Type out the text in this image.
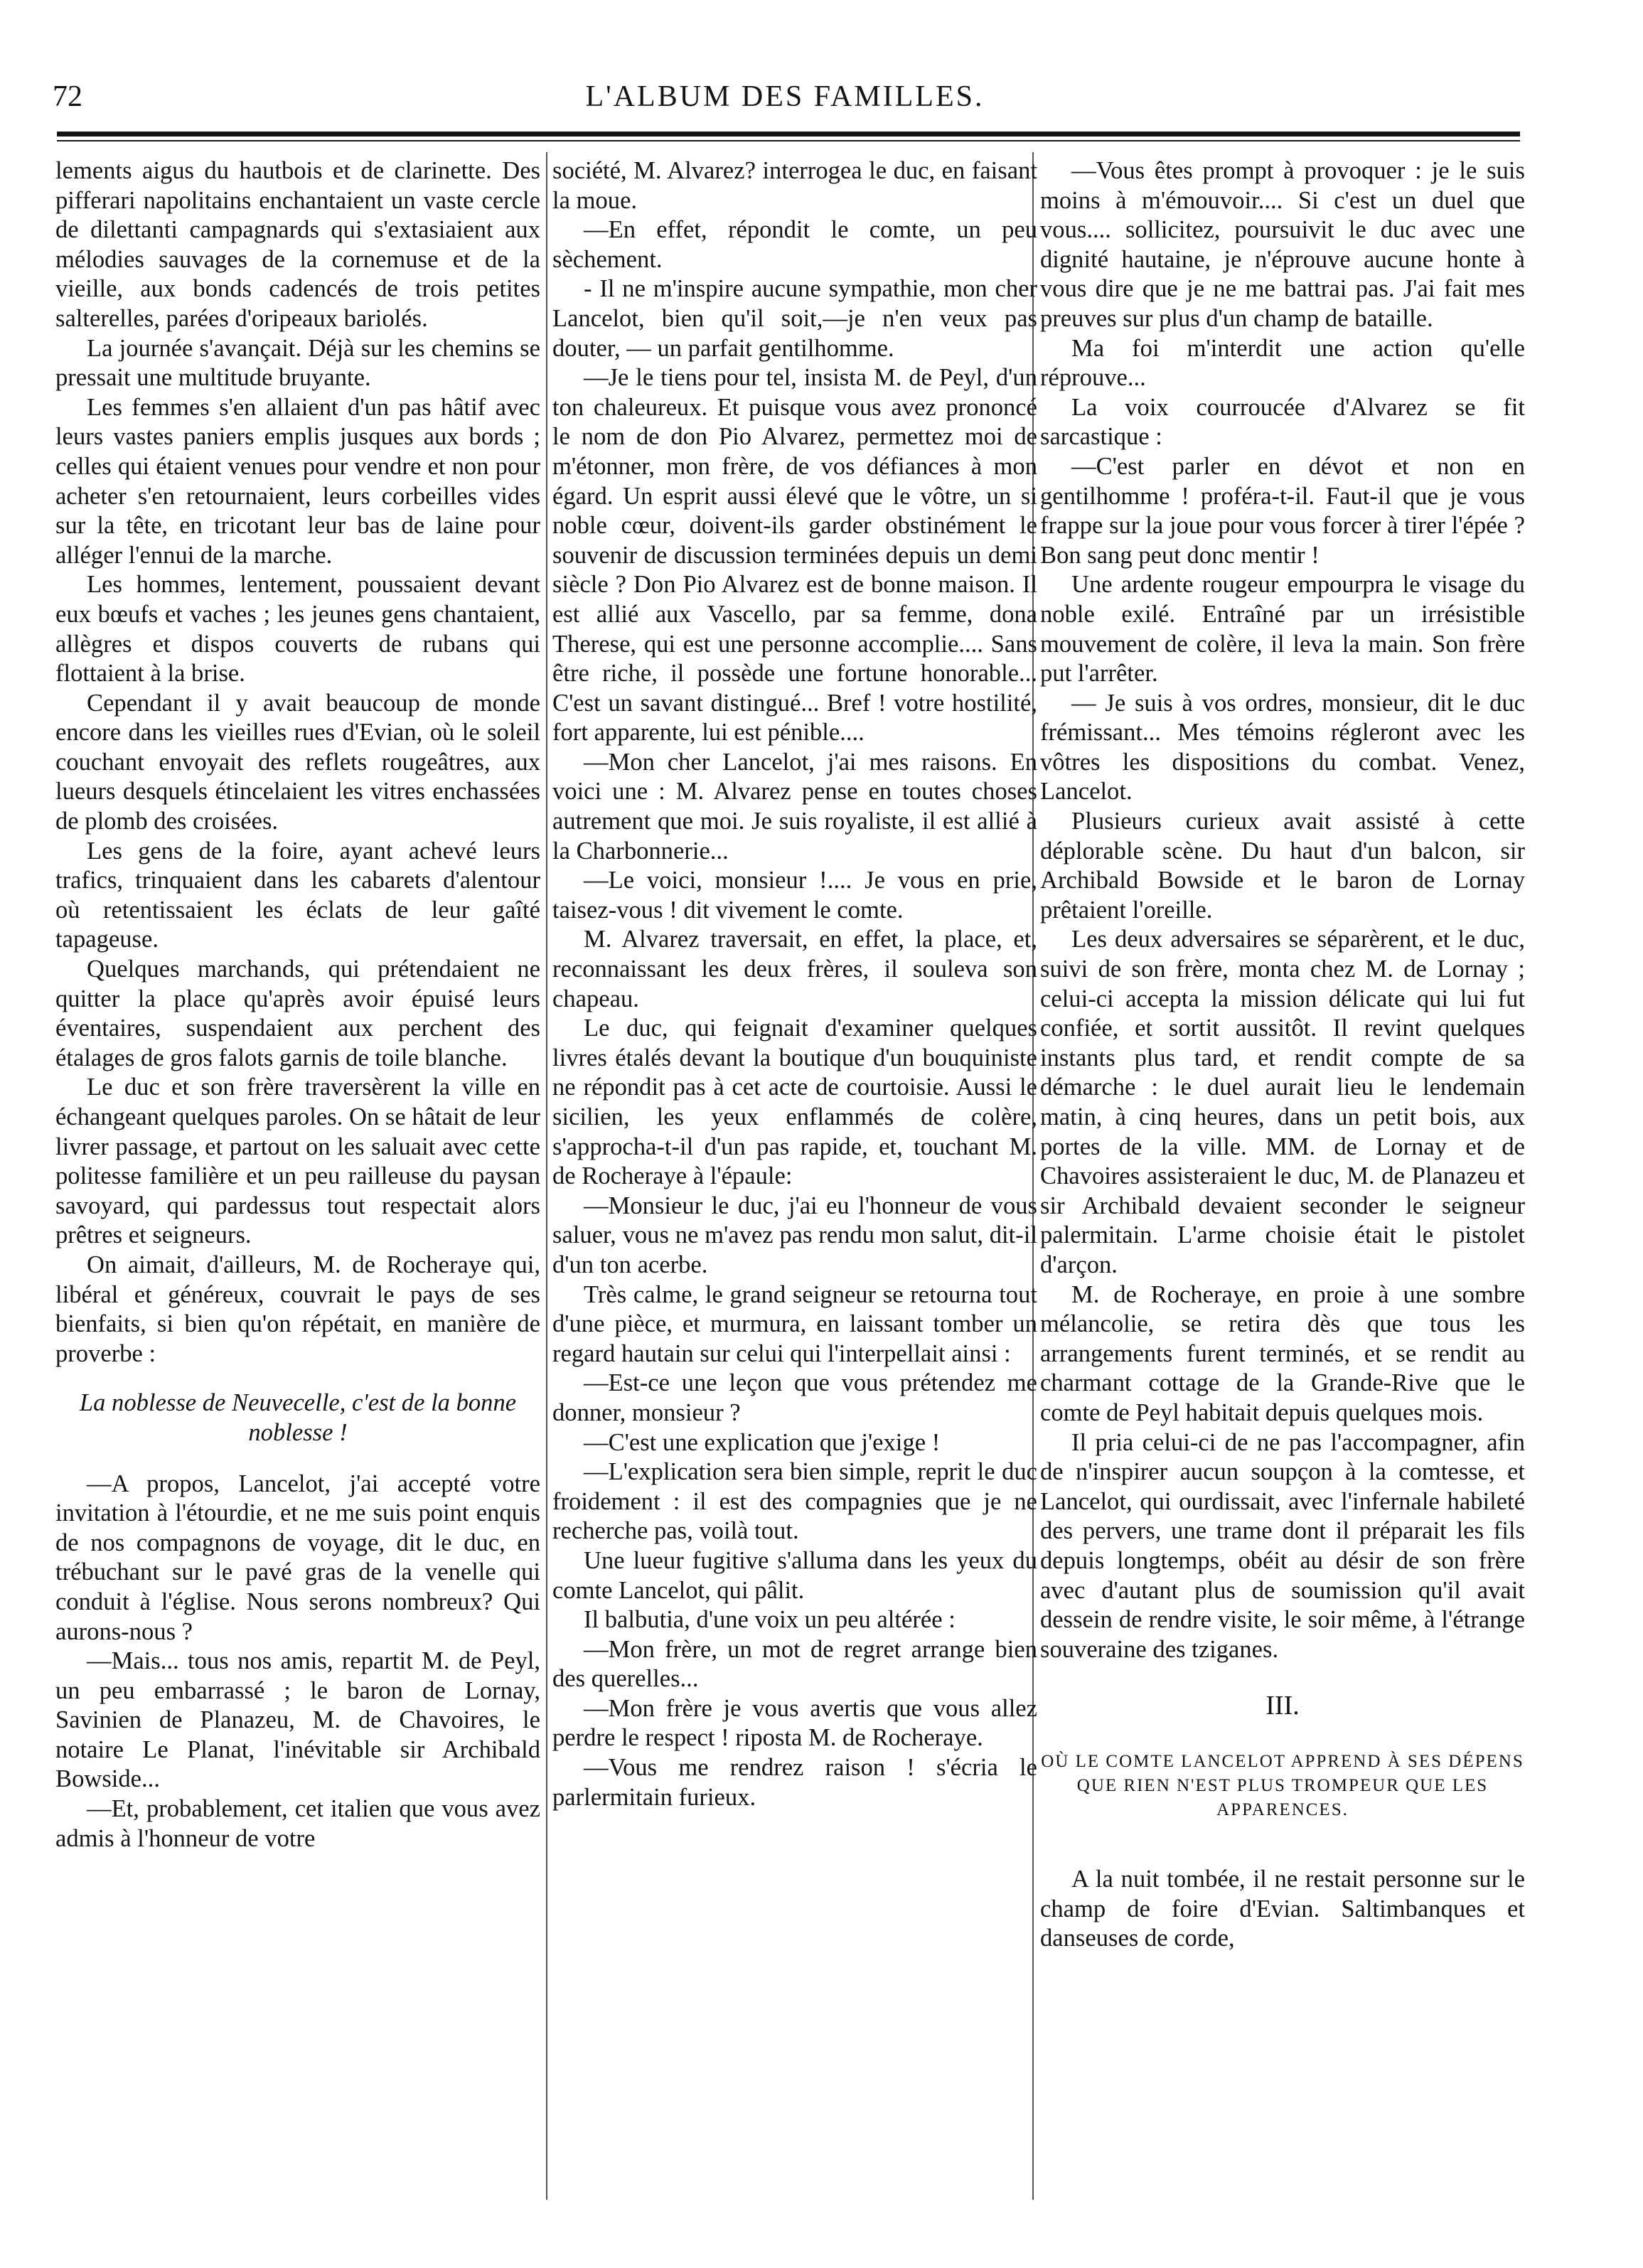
72	L'ALBUM DES FAMILLES.

lements aigus du hautbois et de clarinette. Des pifferari napolitains enchantaient un vaste cercle de dilettanti campagnards qui s'extasiaient aux mélodies sauvages de la cornemuse et de la vieille, aux bonds cadencés de trois petites salterelles, parées d'oripeaux bariolés.

La journée s'avançait. Déjà sur les chemins se pressait une multitude bruyante.

Les femmes s'en allaient d'un pas hâtif avec leurs vastes paniers emplis jusques aux bords ; celles qui étaient venues pour vendre et non pour acheter s'en retournaient, leurs corbeilles vides sur la tête, en tricotant leur bas de laine pour alléger l'ennui de la marche.

Les hommes, lentement, poussaient devant eux bœufs et vaches ; les jeunes gens chantaient, allègres et dispos couverts de rubans qui flottaient à la brise.

Cependant il y avait beaucoup de monde encore dans les vieilles rues d'Evian, où le soleil couchant envoyait des reflets rougeâtres, aux lueurs desquels étincelaient les vitres enchassées de plomb des croisées.

Les gens de la foire, ayant achevé leurs trafics, trinquaient dans les cabarets d'alentour où retentissaient les éclats de leur gaîté tapageuse.

Quelques marchands, qui prétendaient ne quitter la place qu'après avoir épuisé leurs éventaires, suspendaient aux perchent des étalages de gros falots garnis de toile blanche.

Le duc et son frère traversèrent la ville en échangeant quelques paroles. On se hâtait de leur livrer passage, et partout on les saluait avec cette politesse familière et un peu railleuse du paysan savoyard, qui pardessus tout respectait alors prêtres et seigneurs.

On aimait, d'ailleurs, M. de Rocheraye qui, libéral et généreux, couvrait le pays de ses bienfaits, si bien qu'on répétait, en manière de proverbe :

La noblesse de Neuvecelle, c'est de la bonne noblesse !

—A propos, Lancelot, j'ai accepté votre invitation à l'étourdie, et ne me suis point enquis de nos compagnons de voyage, dit le duc, en trébuchant sur le pavé gras de la venelle qui conduit à l'église. Nous serons nombreux? Qui aurons-nous ?

—Mais... tous nos amis, repartit M. de Peyl, un peu embarrassé ; le baron de Lornay, Savinien de Planazeu, M. de Chavoires, le notaire Le Planat, l'inévitable sir Archibald Bowside...

—Et, probablement, cet italien que vous avez admis à l'honneur de votre

société, M. Alvarez? interrogea le duc, en faisant la moue.

—En effet, répondit le comte, un peu sèchement.

- Il ne m'inspire aucune sympathie, mon cher Lancelot, bien qu'il soit,—je n'en veux pas douter, — un parfait gentilhomme.

—Je le tiens pour tel, insista M. de Peyl, d'un ton chaleureux. Et puisque vous avez prononcé le nom de don Pio Alvarez, permettez moi de m'étonner, mon frère, de vos défiances à mon égard. Un esprit aussi élevé que le vôtre, un si noble cœur, doivent-ils garder obstinément le souvenir de discussion terminées depuis un demi siècle ? Don Pio Alvarez est de bonne maison. Il est allié aux Vascello, par sa femme, dona Therese, qui est une personne accomplie.... Sans être riche, il possède une fortune honorable... C'est un savant distingué... Bref ! votre hostilité, fort apparente, lui est pénible....

—Mon cher Lancelot, j'ai mes raisons. En voici une : M. Alvarez pense en toutes choses autrement que moi. Je suis royaliste, il est allié à la Charbonnerie...

—Le voici, monsieur !.... Je vous en prie, taisez-vous ! dit vivement le comte.

M. Alvarez traversait, en effet, la place, et, reconnaissant les deux frères, il souleva son chapeau.

Le duc, qui feignait d'examiner quelques livres étalés devant la boutique d'un bouquiniste ne répondit pas à cet acte de courtoisie. Aussi le sicilien, les yeux enflammés de colère, s'approcha-t-il d'un pas rapide, et, touchant M. de Rocheraye à l'épaule:

—Monsieur le duc, j'ai eu l'honneur de vous saluer, vous ne m'avez pas rendu mon salut, dit-il d'un ton acerbe.

Très calme, le grand seigneur se retourna tout d'une pièce, et murmura, en laissant tomber un regard hautain sur celui qui l'interpellait ainsi :

—Est-ce une leçon que vous prétendez me donner, monsieur ?

—C'est une explication que j'exige !

—L'explication sera bien simple, reprit le duc froidement : il est des compagnies que je ne recherche pas, voilà tout.

Une lueur fugitive s'alluma dans les yeux du comte Lancelot, qui pâlit.

Il balbutia, d'une voix un peu altérée :

—Mon frère, un mot de regret arrange bien des querelles...

—Mon frère je vous avertis que vous allez perdre le respect ! riposta M. de Rocheraye.

—Vous me rendrez raison ! s'écria le parlermitain furieux.

—Vous êtes prompt à provoquer : je le suis moins à m'émouvoir.... Si c'est un duel que vous.... sollicitez, poursuivit le duc avec une dignité hautaine, je n'éprouve aucune honte à vous dire que je ne me battrai pas. J'ai fait mes preuves sur plus d'un champ de bataille.

Ma foi m'interdit une action qu'elle réprouve...

La voix courroucée d'Alvarez se fit sarcastique :

—C'est parler en dévot et non en gentilhomme ! proféra-t-il. Faut-il que je vous frappe sur la joue pour vous forcer à tirer l'épée ? Bon sang peut donc mentir !

Une ardente rougeur empourpra le visage du noble exilé. Entraîné par un irrésistible mouvement de colère, il leva la main. Son frère put l'arrêter.

— Je suis à vos ordres, monsieur, dit le duc frémissant... Mes témoins régleront avec les vôtres les dispositions du combat. Venez, Lancelot.

Plusieurs curieux avait assisté à cette déplorable scène. Du haut d'un balcon, sir Archibald Bowside et le baron de Lornay prêtaient l'oreille.

Les deux adversaires se séparèrent, et le duc, suivi de son frère, monta chez M. de Lornay ; celui-ci accepta la mission délicate qui lui fut confiée, et sortit aussitôt. Il revint quelques instants plus tard, et rendit compte de sa démarche : le duel aurait lieu le lendemain matin, à cinq heures, dans un petit bois, aux portes de la ville. MM. de Lornay et de Chavoires assisteraient le duc, M. de Planazeu et sir Archibald devaient seconder le seigneur palermitain. L'arme choisie était le pistolet d'arçon.

M. de Rocheraye, en proie à une sombre mélancolie, se retira dès que tous les arrangements furent terminés, et se rendit au charmant cottage de la Grande-Rive que le comte de Peyl habitait depuis quelques mois.

Il pria celui-ci de ne pas l'accompagner, afin de n'inspirer aucun soupçon à la comtesse, et Lancelot, qui ourdissait, avec l'infernale habileté des pervers, une trame dont il préparait les fils depuis longtemps, obéit au désir de son frère avec d'autant plus de soumission qu'il avait dessein de rendre visite, le soir même, à l'étrange souveraine des tziganes.

III.
OÙ LE COMTE LANCELOT APPREND À SES DÉPENS QUE RIEN N'EST PLUS TROMPEUR QUE LES APPARENCES.

A la nuit tombée, il ne restait personne sur le champ de foire d'Evian. Saltimbanques et danseuses de corde,
